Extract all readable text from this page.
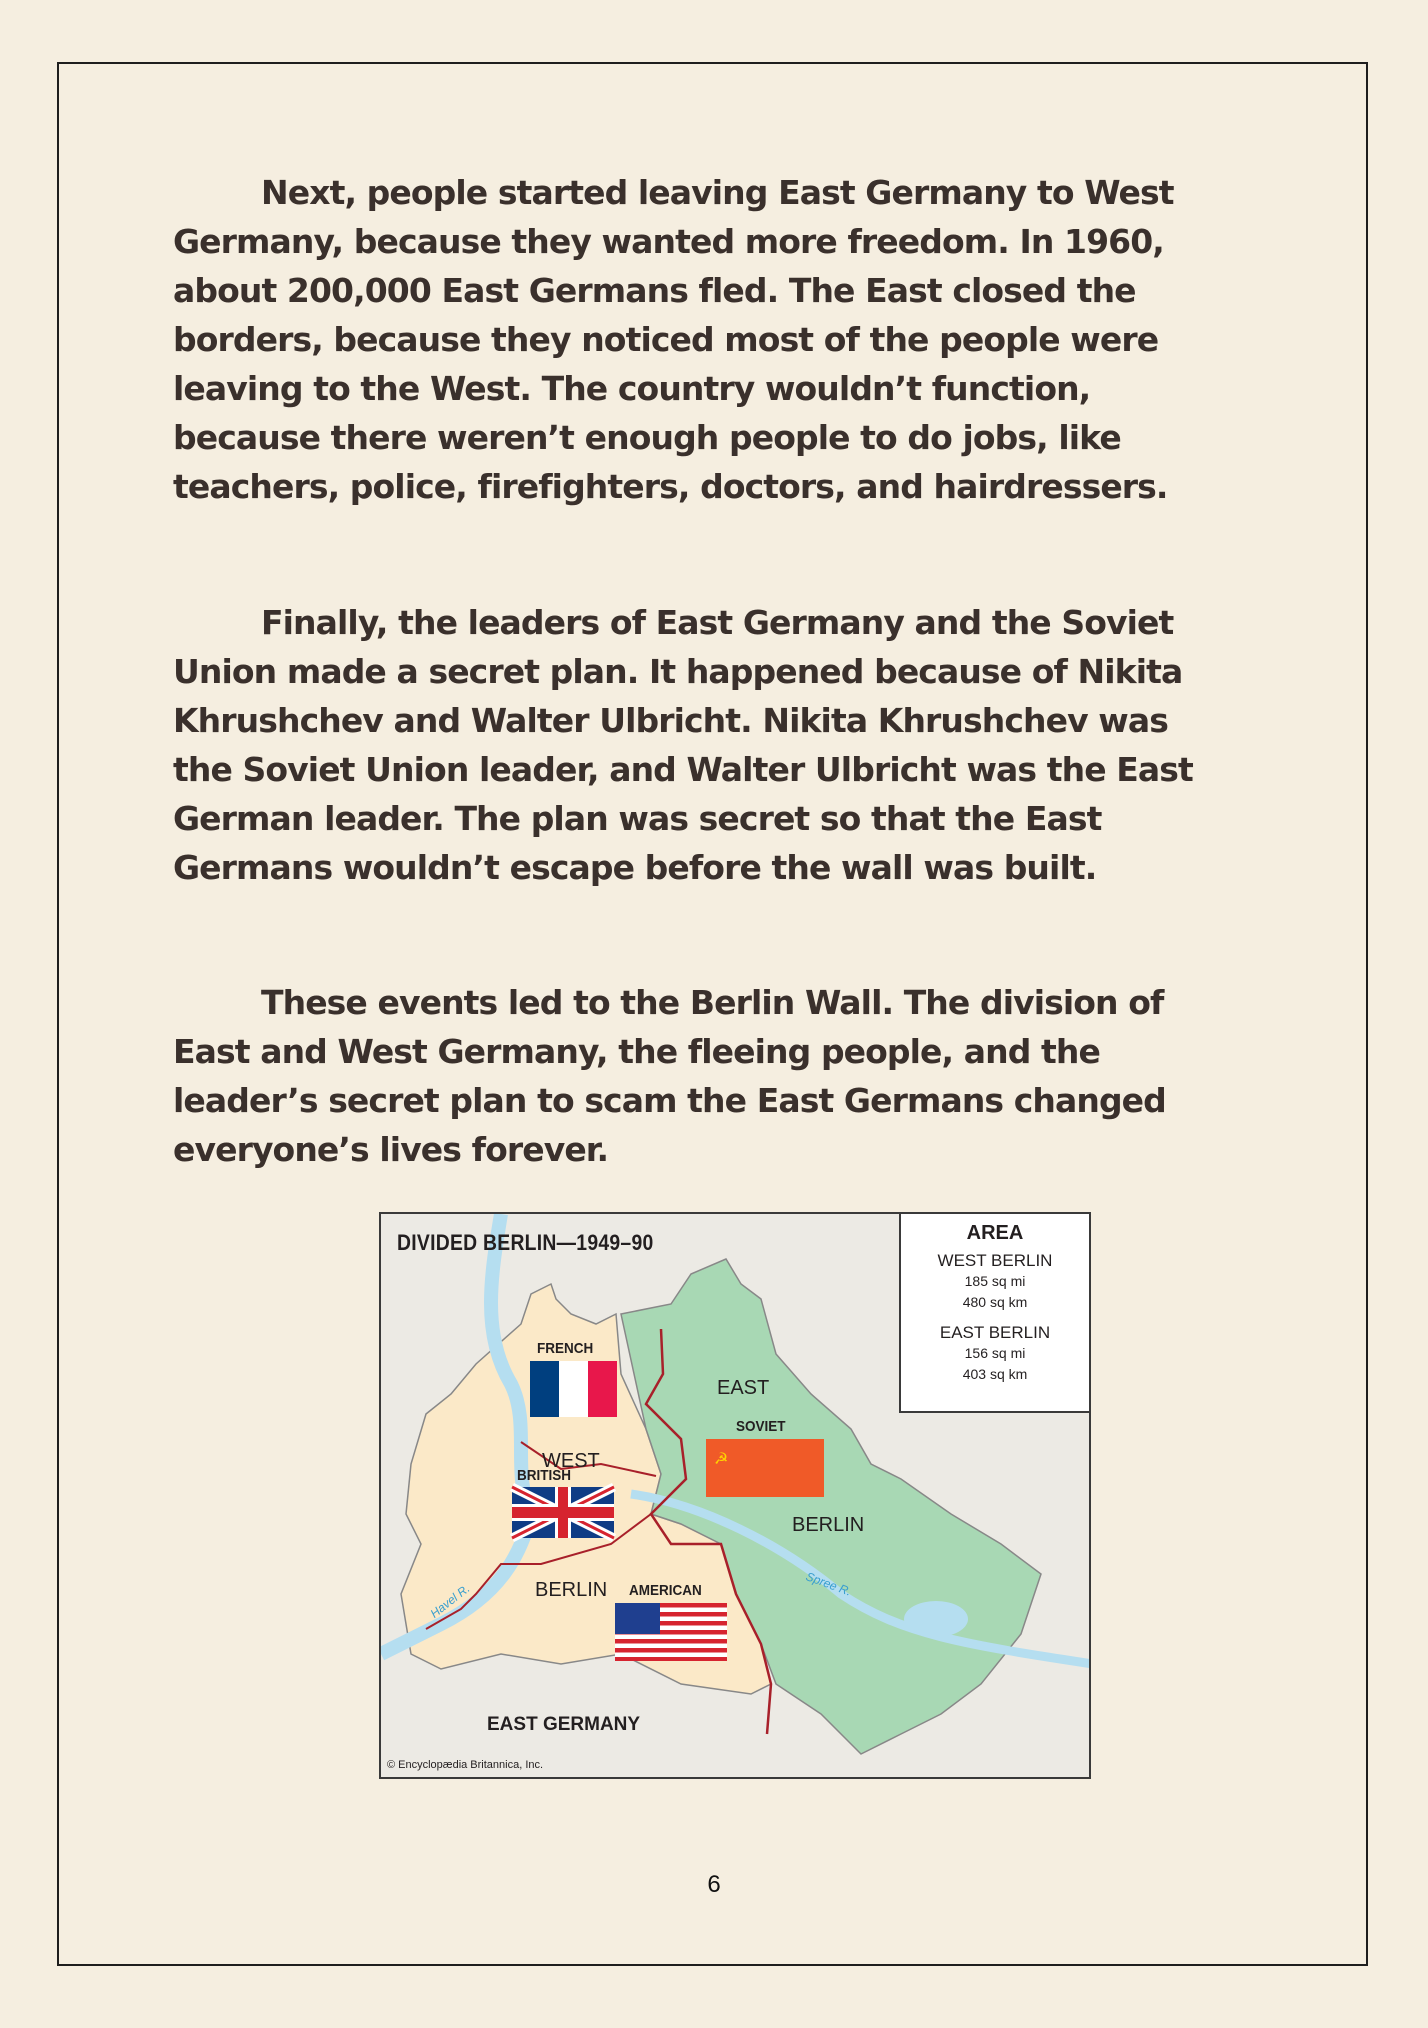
Next, people started leaving East Germany to West
Germany, because they wanted more freedom. In 1960,
about 200,000 East Germans fled. The East closed the
borders, because they noticed most of the people were
leaving to the West. The country wouldn’t function,
because there weren’t enough people to do jobs, like
teachers, police, firefighters, doctors, and hairdressers.

Finally, the leaders of East Germany and the Soviet
Union made a secret plan. It happened because of Nikita
Khrushchev and Walter Ulbricht. Nikita Khrushchev was
the Soviet Union leader, and Walter Ulbricht was the East
German leader. The plan was secret so that the East
Germans wouldn’t escape before the wall was built.

These events led to the Berlin Wall. The division of
East and West Germany, the fleeing people, and the
leader’s secret plan to scam the East Germans changed
everyone’s lives forever.

☭
DIVIDED BERLIN—1949–90
FRENCH
BRITISH
AMERICAN
SOVIET
WEST
BERLIN
EAST
BERLIN
EAST GERMANY
Havel R.	Spree R.
© Encyclopædia Britannica, Inc.
AREA
WEST BERLIN
185 sq mi
480 sq km
EAST BERLIN
156 sq mi
403 sq km
6
